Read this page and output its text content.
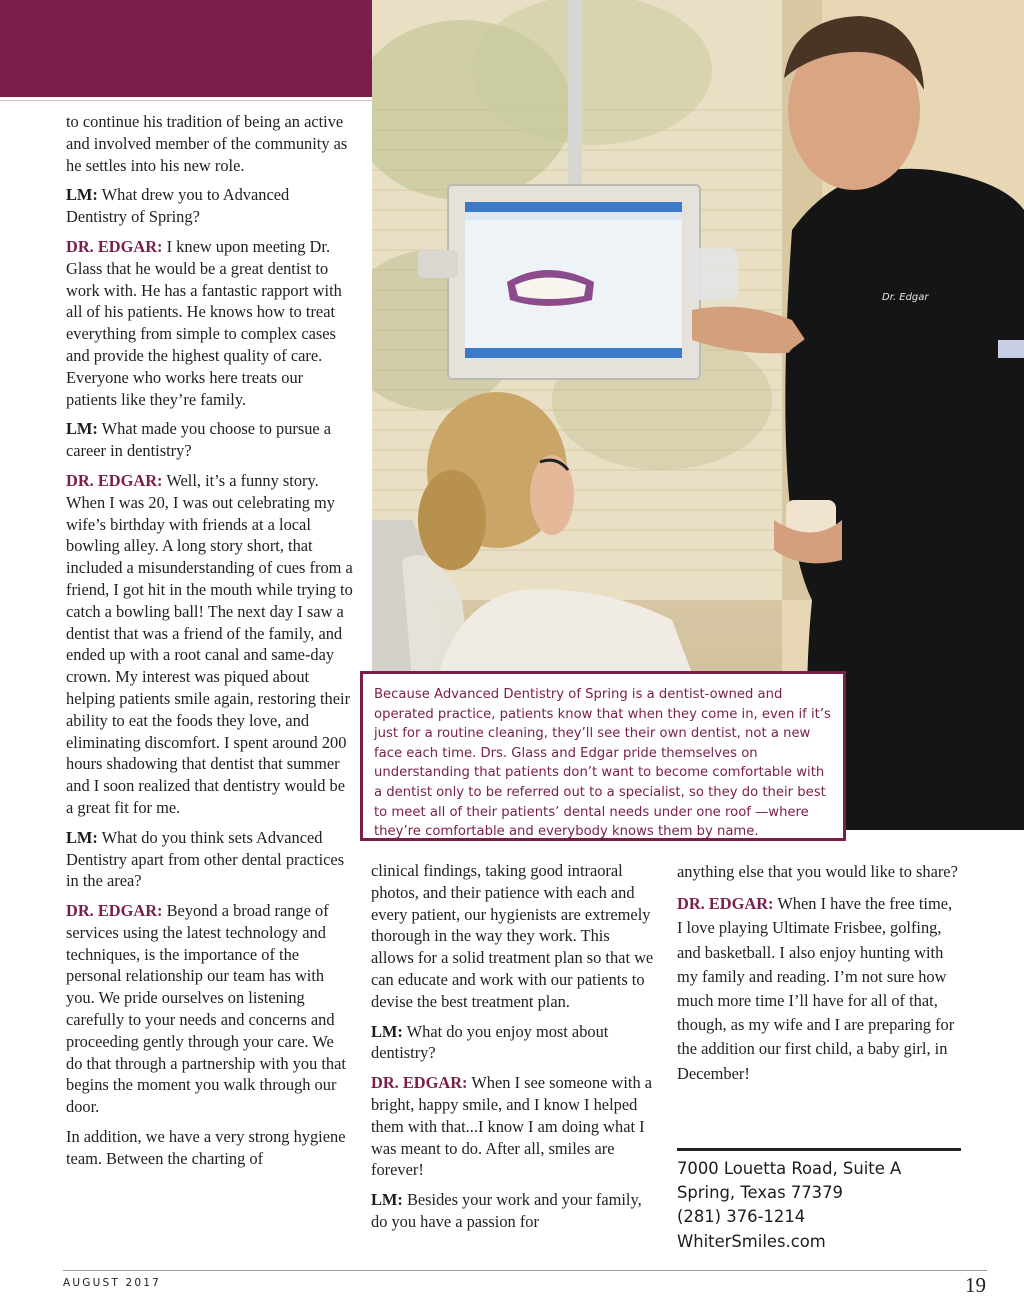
Dr. Edgar

to continue his tradition of being an active and involved member of the community as he settles into his new role.

LM: What drew you to Advanced Dentistry of Spring?

DR. EDGAR: I knew upon meeting Dr. Glass that he would be a great dentist to work with. He has a fantastic rapport with all of his patients. He knows how to treat everything from simple to complex cases and provide the highest quality of care. Everyone who works here treats our patients like they’re family.

LM: What made you choose to pursue a career in dentistry?

DR. EDGAR: Well, it’s a funny story. When I was 20, I was out celebrating my wife’s birthday with friends at a local bowling alley. A long story short, that included a misunderstanding of cues from a friend, I got hit in the mouth while trying to catch a bowling ball! The next day I saw a dentist that was a friend of the family, and ended up with a root canal and same-day crown. My interest was piqued about helping patients smile again, restoring their ability to eat the foods they love, and eliminating discomfort. I spent around 200 hours shadowing that dentist that summer and I soon realized that dentistry would be a great fit for me.

LM: What do you think sets Advanced Dentistry apart from other dental practices in the area?

DR. EDGAR: Beyond a broad range of services using the latest technology and techniques, is the importance of the personal relationship our team has with you. We pride ourselves on listening carefully to your needs and concerns and proceeding gently through your care. We do that through a partnership with you that begins the moment you walk through our door.

In addition, we have a very strong hygiene team. Between the charting of

Because Advanced Dentistry of Spring is a dentist-owned and operated practice, patients know that when they come in, even if it’s just for a routine cleaning, they’ll see their own dentist, not a new face each time. Drs. Glass and Edgar pride themselves on understanding that patients don’t want to become comfortable with a dentist only to be referred out to a specialist, so they do their best to meet all of their patients’ dental needs under one roof —where they’re comfortable and everybody knows them by name.

clinical findings, taking good intraoral photos, and their patience with each and every patient, our hygienists are extremely thorough in the way they work. This allows for a solid treatment plan so that we can educate and work with our patients to devise the best treatment plan.

LM: What do you enjoy most about dentistry?

DR. EDGAR: When I see someone with a bright, happy smile, and I know I helped them with that...I know I am doing what I was meant to do. After all, smiles are forever!

LM: Besides your work and your family, do you have a passion for

anything else that you would like to share?

DR. EDGAR: When I have the free time, I love playing Ultimate Frisbee, golfing, and basketball. I also enjoy hunting with my family and reading. I’m not sure how much more time I’ll have for all of that, though, as my wife and I are preparing for the addition our first child, a baby girl, in December!

7000 Louetta Road, Suite A
Spring, Texas 77379
(281) 376-1214
WhiterSmiles.com
AUGUST 2017	19
